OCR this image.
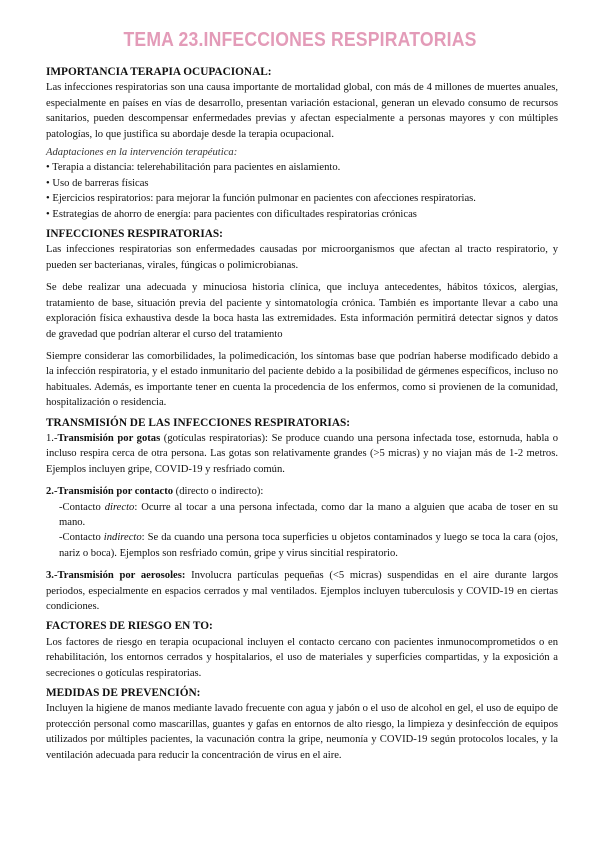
TEMA 23.INFECCIONES RESPIRATORIAS
IMPORTANCIA TERAPIA OCUPACIONAL:

Las infecciones respiratorias son una causa importante de mortalidad global, con más de 4 millones de muertes anuales, especialmente en países en vías de desarrollo, presentan variación estacional, generan un elevado consumo de recursos sanitarios, pueden descompensar enfermedades previas y afectan especialmente a personas mayores y con múltiples patologías, lo que justifica su abordaje desde la terapia ocupacional.

Adaptaciones en la intervención terapéutica:
• Terapia a distancia: telerehabilitación para pacientes en aislamiento.
• Uso de barreras físicas
• Ejercicios respiratorios: para mejorar la función pulmonar en pacientes con afecciones respiratorias.
• Estrategias de ahorro de energía: para pacientes con dificultades respiratorias crónicas
INFECCIONES RESPIRATORIAS:

Las infecciones respiratorias son enfermedades causadas por microorganismos que afectan al tracto respiratorio, y pueden ser bacterianas, virales, fúngicas o polimicrobianas.

Se debe realizar una adecuada y minuciosa historia clínica, que incluya antecedentes, hábitos tóxicos, alergias, tratamiento de base, situación previa del paciente y sintomatología crónica. También es importante llevar a cabo una exploración física exhaustiva desde la boca hasta las extremidades. Esta información permitirá detectar signos y datos de gravedad que podrían alterar el curso del tratamiento

Siempre considerar las comorbilidades, la polimedicación, los síntomas base que podrían haberse modificado debido a la infección respiratoria, y el estado inmunitario del paciente debido a la posibilidad de gérmenes específicos, incluso no habituales. Además, es importante tener en cuenta la procedencia de los enfermos, como si provienen de la comunidad, hospitalización o residencia.

TRANSMISIÓN DE LAS INFECCIONES RESPIRATORIAS:

1.-Transmisión por gotas (gotículas respiratorias): Se produce cuando una persona infectada tose, estornuda, habla o incluso respira cerca de otra persona. Las gotas son relativamente grandes (>5 micras) y no viajan más de 1-2 metros. Ejemplos incluyen gripe, COVID-19 y resfriado común.

2.-Transmisión por contacto (directo o indirecto):

-Contacto directo: Ocurre al tocar a una persona infectada, como dar la mano a alguien que acaba de toser en su mano.

-Contacto indirecto: Se da cuando una persona toca superficies u objetos contaminados y luego se toca la cara (ojos, nariz o boca). Ejemplos son resfriado común, gripe y virus sincitial respiratorio.

3.-Transmisión por aerosoles: Involucra partículas pequeñas (<5 micras) suspendidas en el aire durante largos periodos, especialmente en espacios cerrados y mal ventilados. Ejemplos incluyen tuberculosis y COVID-19 en ciertas condiciones.

FACTORES DE RIESGO EN TO:

Los factores de riesgo en terapia ocupacional incluyen el contacto cercano con pacientes inmunocomprometidos o en rehabilitación, los entornos cerrados y hospitalarios, el uso de materiales y superficies compartidas, y la exposición a secreciones o gotículas respiratorias.

MEDIDAS DE PREVENCIÓN:

Incluyen la higiene de manos mediante lavado frecuente con agua y jabón o el uso de alcohol en gel, el uso de equipo de protección personal como mascarillas, guantes y gafas en entornos de alto riesgo, la limpieza y desinfección de equipos utilizados por múltiples pacientes, la vacunación contra la gripe, neumonía y COVID-19 según protocolos locales, y la ventilación adecuada para reducir la concentración de virus en el aire.
